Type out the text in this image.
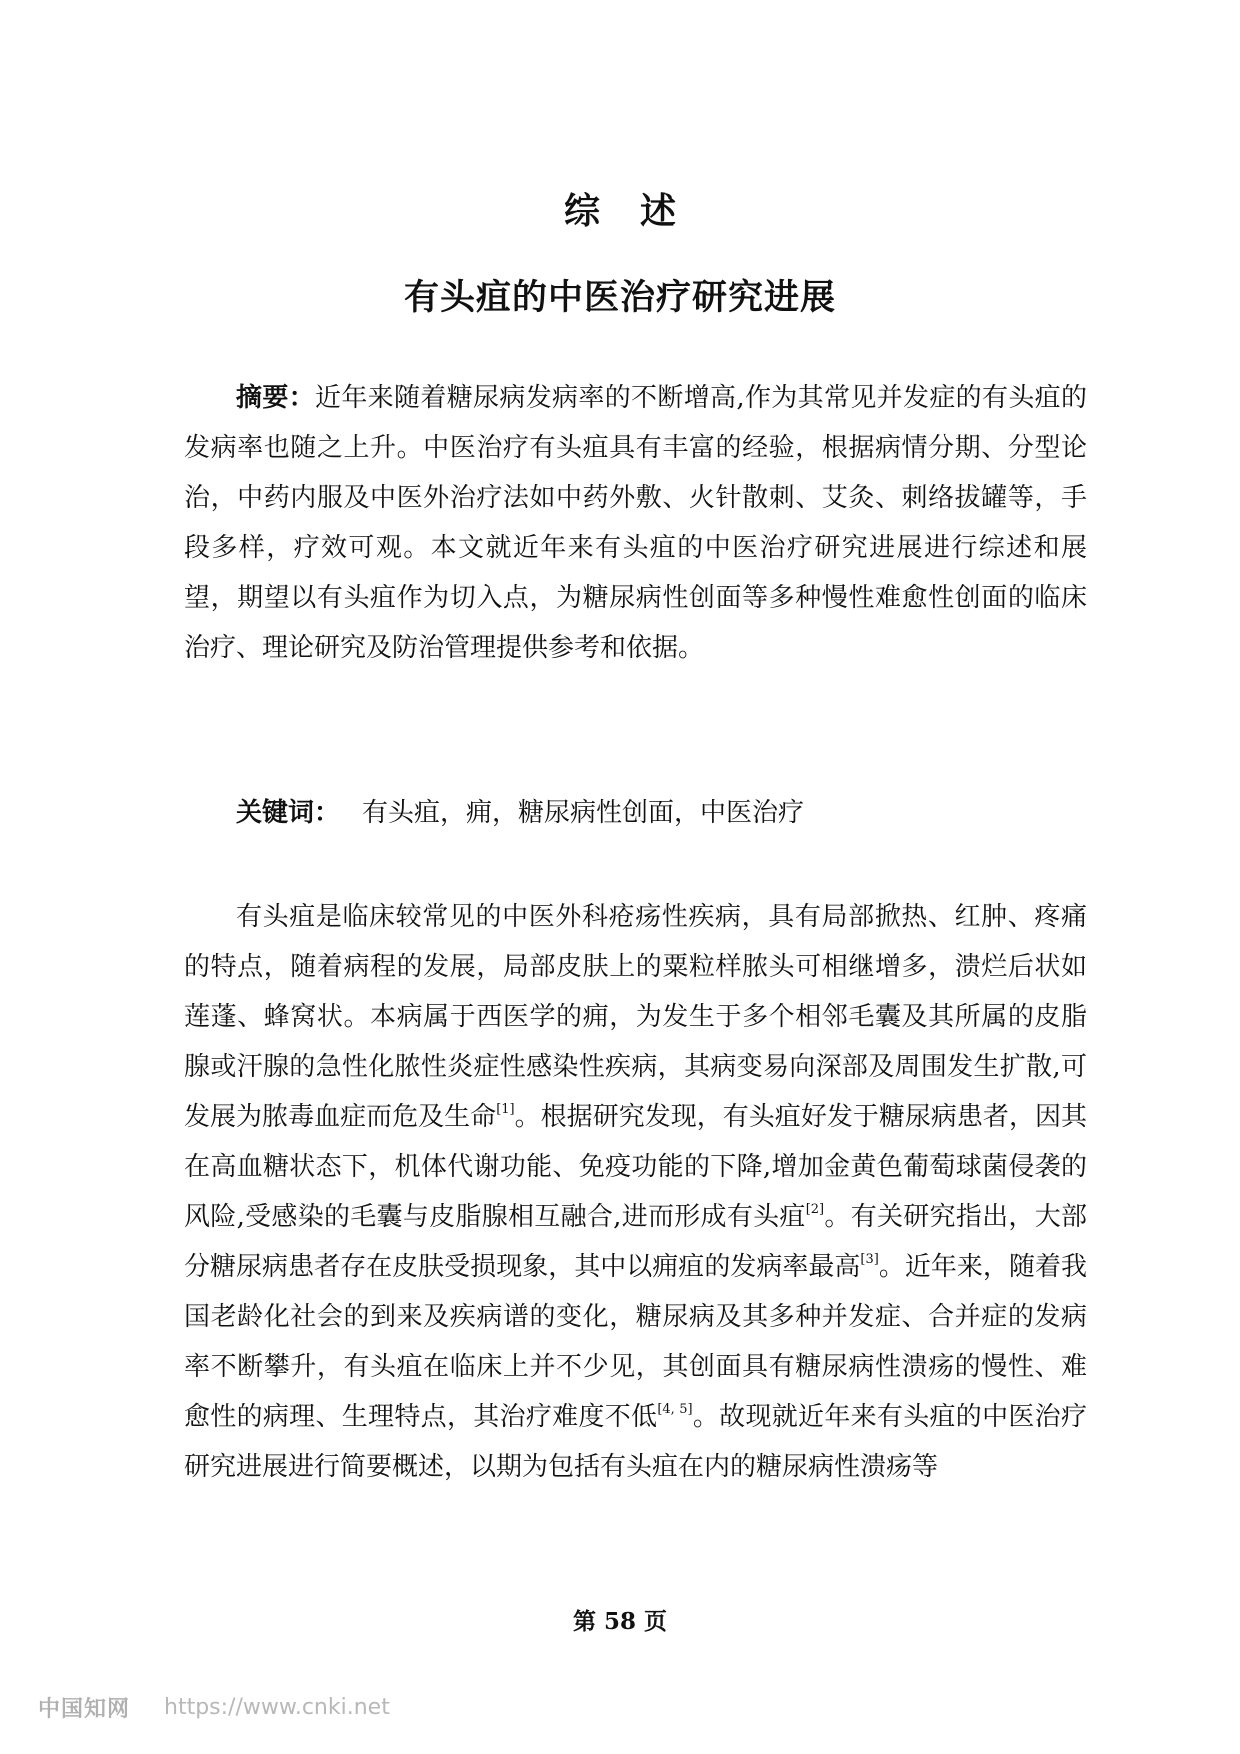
综述
有头疽的中医治疗研究进展
摘要：近年来随着糖尿病发病率的不断增高,作为其常见并发症的有头疽的发病率也随之上升。中医治疗有头疽具有丰富的经验，根据病情分期、分型论治，中药内服及中医外治疗法如中药外敷、火针散刺、艾灸、刺络拔罐等，手段多样，疗效可观。本文就近年来有头疽的中医治疗研究进展进行综述和展望，期望以有头疽作为切入点，为糖尿病性创面等多种慢性难愈性创面的临床治疗、理论研究及防治管理提供参考和依据。
关键词： 有头疽，痈，糖尿病性创面，中医治疗
有头疽是临床较常见的中医外科疮疡性疾病，具有局部掀热、红肿、疼痛的特点，随着病程的发展，局部皮肤上的粟粒样脓头可相继增多，溃烂后状如莲蓬、蜂窝状。本病属于西医学的痈，为发生于多个相邻毛囊及其所属的皮脂腺或汗腺的急性化脓性炎症性感染性疾病，其病变易向深部及周围发生扩散,可发展为脓毒血症而危及生命[1]。根据研究发现，有头疽好发于糖尿病患者，因其在高血糖状态下，机体代谢功能、免疫功能的下降,增加金黄色葡萄球菌侵袭的风险,受感染的毛囊与皮脂腺相互融合,进而形成有头疽[2]。有关研究指出，大部分糖尿病患者存在皮肤受损现象，其中以痈疽的发病率最高[3]。近年来，随着我国老龄化社会的到来及疾病谱的变化，糖尿病及其多种并发症、合并症的发病率不断攀升，有头疽在临床上并不少见，其创面具有糖尿病性溃疡的慢性、难愈性的病理、生理特点，其治疗难度不低[4, 5]。故现就近年来有头疽的中医治疗研究进展进行简要概述，以期为包括有头疽在内的糖尿病性溃疡等
第 58 页
中国知网 https://www.cnki.net
